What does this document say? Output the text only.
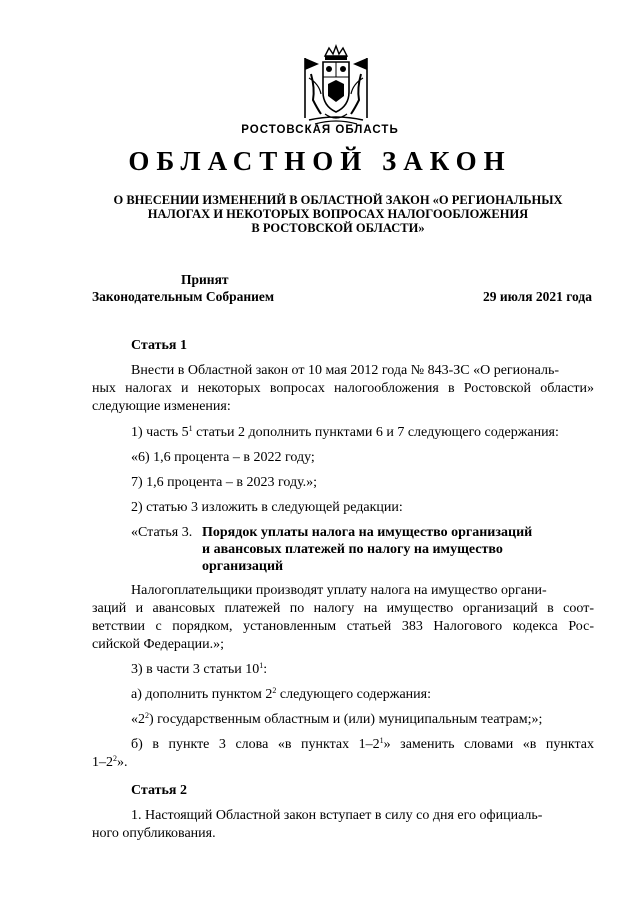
РОСТОВСКАЯ ОБЛАСТЬ
ОБЛАСТНОЙ ЗАКОН
О ВНЕСЕНИИ ИЗМЕНЕНИЙ В ОБЛАСТНОЙ ЗАКОН «О РЕГИОНАЛЬНЫХ
НАЛОГАХ И НЕКОТОРЫХ ВОПРОСАХ НАЛОГООБЛОЖЕНИЯ
В РОСТОВСКОЙ ОБЛАСТИ»
Принят
Законодательным Собранием	29 июля 2021 года
Статья 1
Внести в Областной закон от 10 мая 2012 года № 843-ЗС «О региональ-
ных налогах и некоторых вопросах налогообложения в Ростовской области»
следующие изменения:
1) часть $5^1$ статьи 2 дополнить пунктами 6 и 7 следующего содержания:
«6) 1,6 процента – в 2022 году;
7) 1,6 процента – в 2023 году.»;
2) статью 3 изложить в следующей редакции:
«Статья 3. Порядок уплаты налога на имущество организаций
и авансовых платежей по налогу на имущество
организаций
Налогоплательщики производят уплату налога на имущество органи-
заций и авансовых платежей по налогу на имущество организаций в соот-
ветствии с порядком, установленным статьей 383 Налогового кодекса Рос-
сийской Федерации.»;
3) в части 3 статьи $10^1$:
а) дополнить пунктом $2^2$ следующего содержания:
«$2^2$) государственным областным и (или) муниципальным театрам;»;
б) в пункте 3 слова «в пунктах $1-2^1$» заменить словами «в пунктах
$1-2^2$».
Статья 2
1. Настоящий Областной закон вступает в силу со дня его официаль-
ного опубликования.
